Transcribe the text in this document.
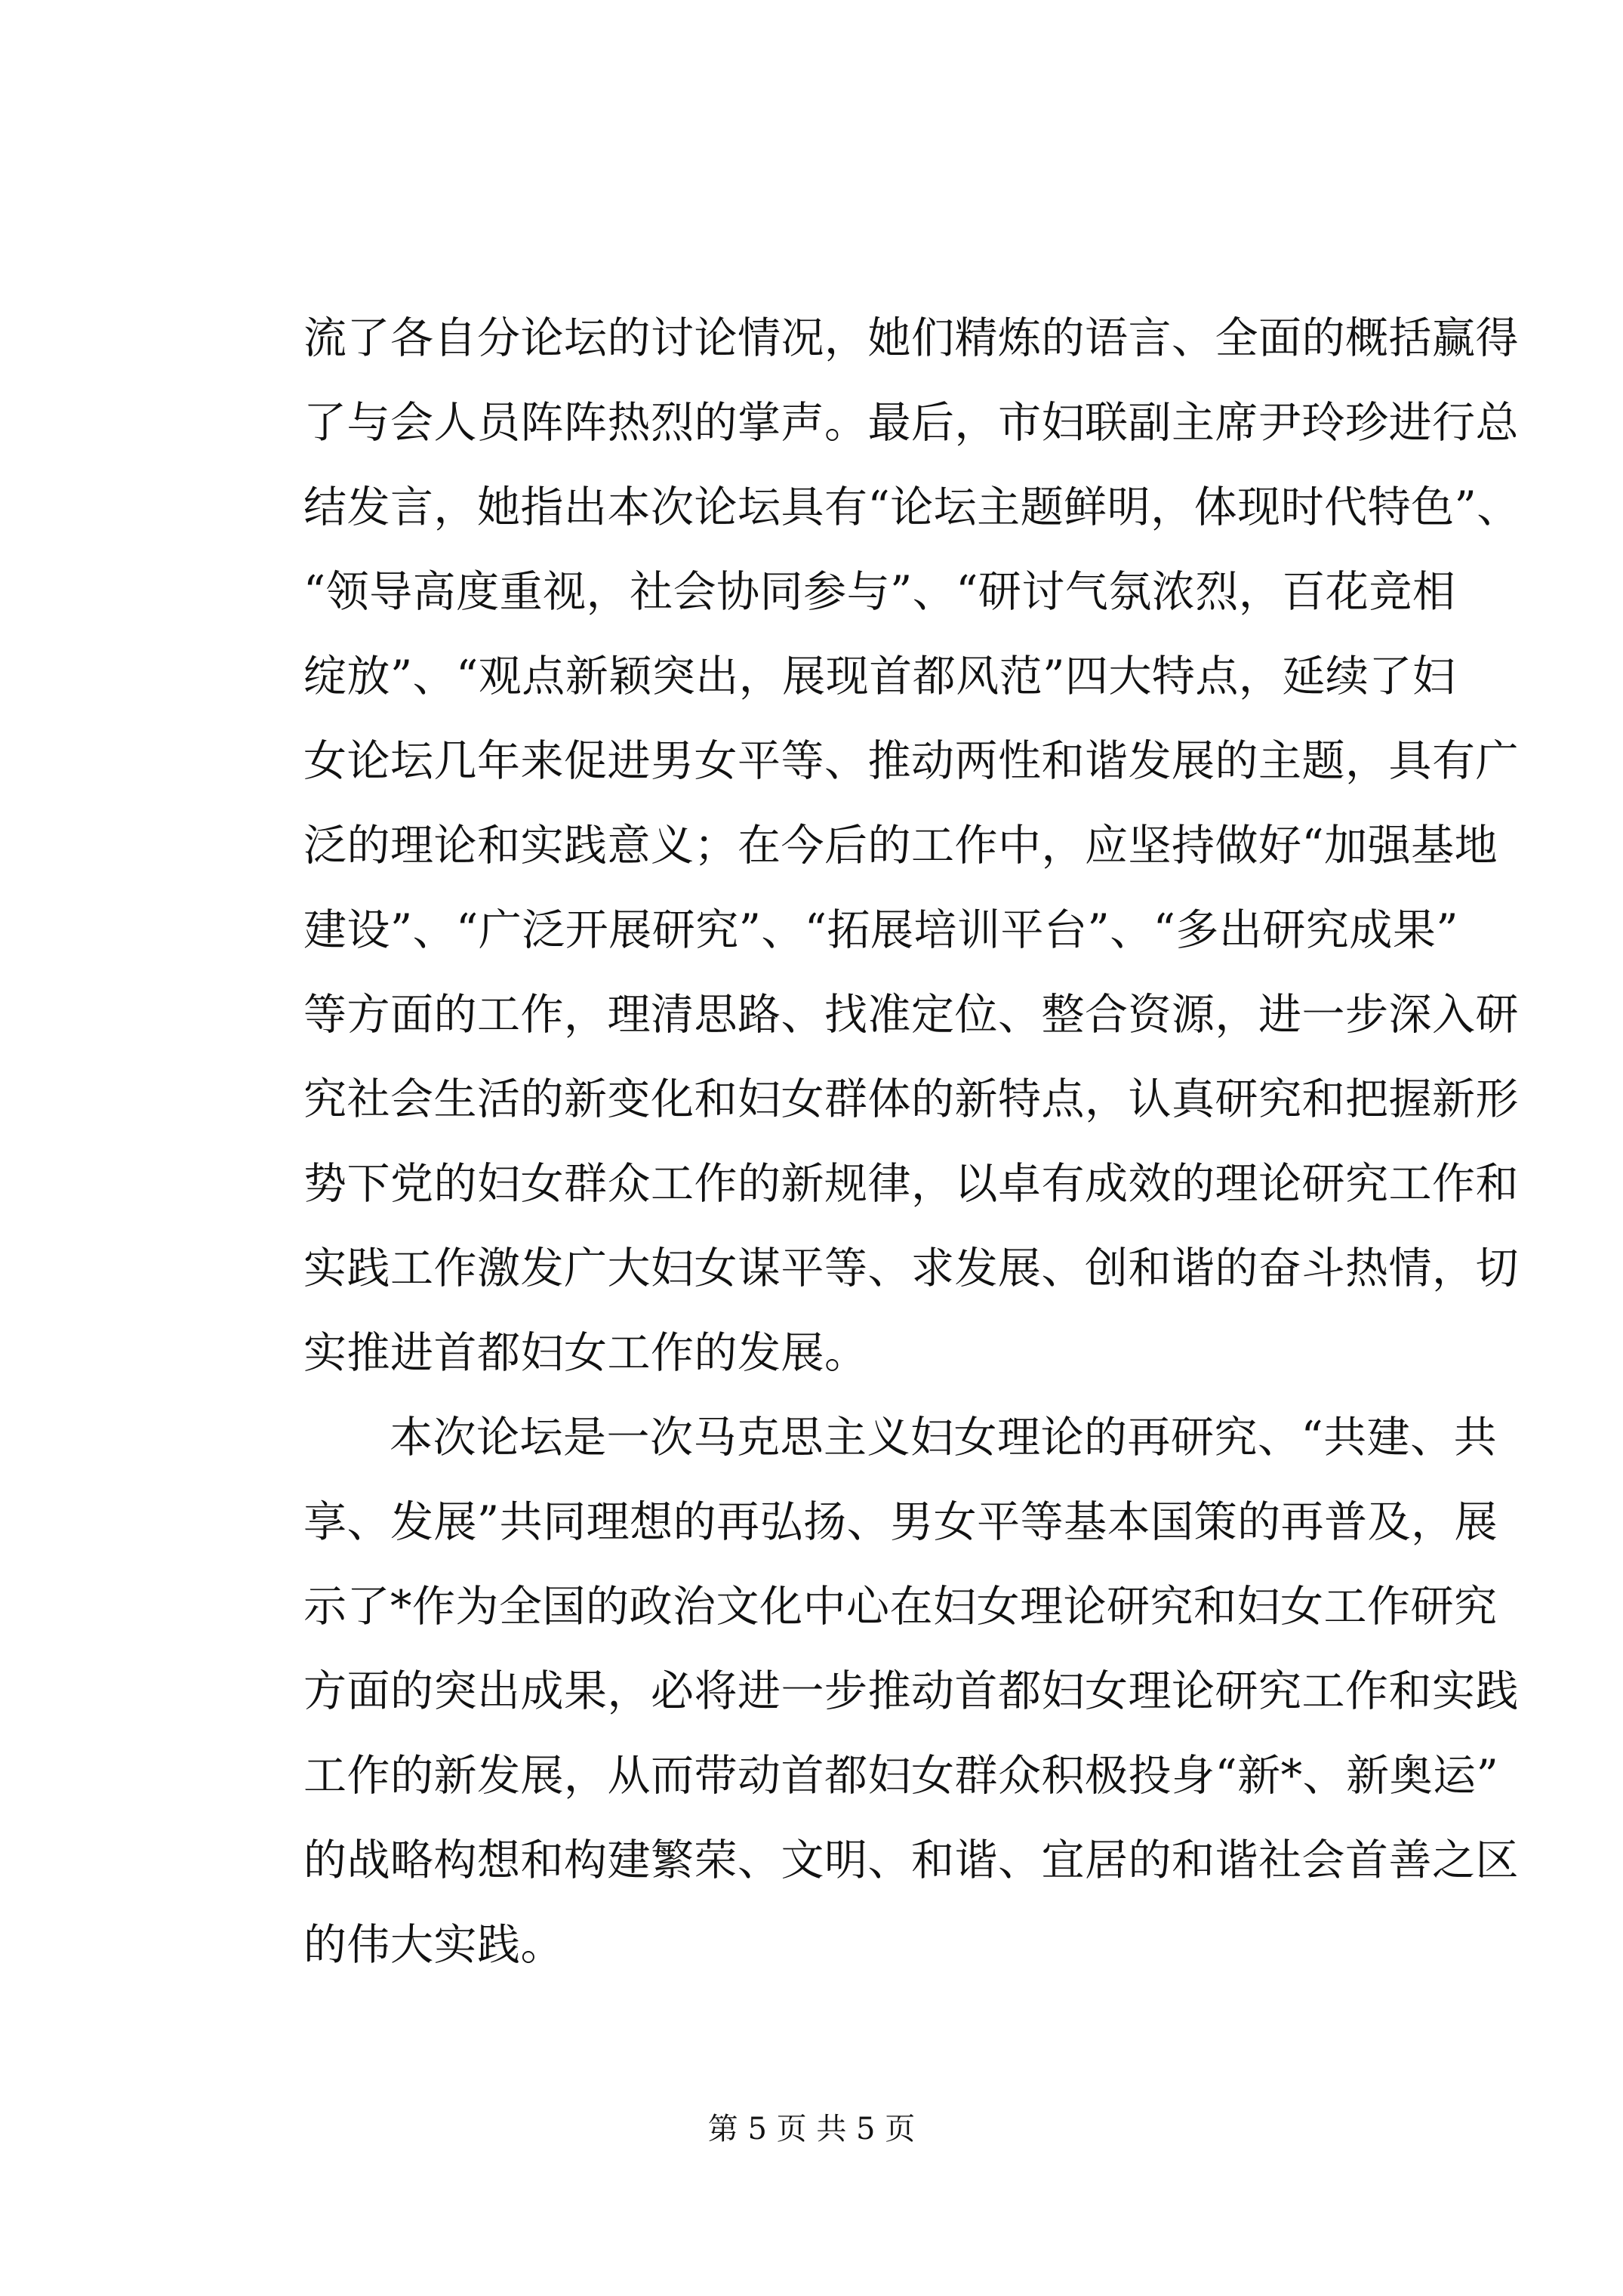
流了各自分论坛的讨论情况，她们精炼的语言、全面的概括赢得
了与会人员阵阵热烈的掌声。最后，市妇联副主席尹玲珍进行总
结发言，她指出本次论坛具有“论坛主题鲜明，体现时代特色”、
“领导高度重视，社会协同参与”、“研讨气氛浓烈，百花竞相
绽放”、“观点新颖突出，展现首都风范”四大特点，延续了妇
女论坛几年来促进男女平等、推动两性和谐发展的主题，具有广
泛的理论和实践意义；在今后的工作中，应坚持做好“加强基地
建设”、“广泛开展研究”、“拓展培训平台”、“多出研究成果”
等方面的工作，理清思路、找准定位、整合资源，进一步深入研
究社会生活的新变化和妇女群体的新特点，认真研究和把握新形
势下党的妇女群众工作的新规律，以卓有成效的理论研究工作和
实践工作激发广大妇女谋平等、求发展、创和谐的奋斗热情，切
实推进首都妇女工作的发展。
本次论坛是一次马克思主义妇女理论的再研究、“共建、共
享、发展”共同理想的再弘扬、男女平等基本国策的再普及，展
示了*作为全国的政治文化中心在妇女理论研究和妇女工作研究
方面的突出成果，必将进一步推动首都妇女理论研究工作和实践
工作的新发展，从而带动首都妇女群众积极投身“新*、新奥运”
的战略构想和构建繁荣、文明、和谐、宜居的和谐社会首善之区
的伟大实践。
第 5 页 共 5 页
